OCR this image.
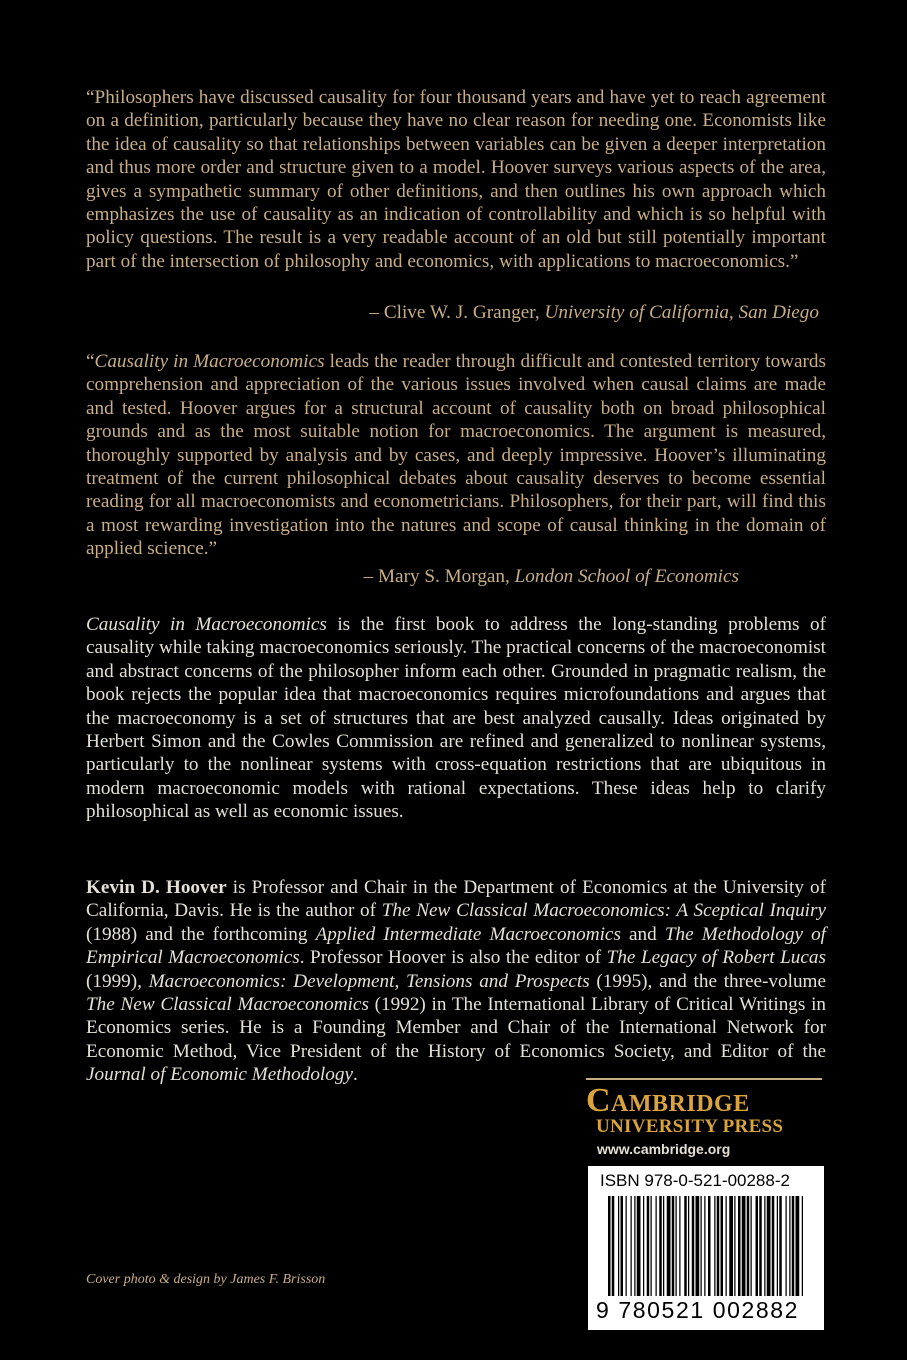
“Philosophers have discussed causality for four thousand years and have yet to reach agreement on a definition, particularly because they have no clear reason for needing one. Economists like the idea of causality so that relationships between variables can be given a deeper interpretation and thus more order and structure given to a model. Hoover surveys various aspects of the area, gives a sympathetic summary of other definitions, and then outlines his own approach which emphasizes the use of causality as an indication of controllability and which is so helpful with policy questions. The result is a very readable account of an old but still potentially important part of the intersection of philosophy and economics, with applications to macroeconomics.”

– Clive W. J. Granger, University of California, San Diego

“Causality in Macroeconomics leads the reader through difficult and contested territory towards comprehension and appreciation of the various issues involved when causal claims are made and tested. Hoover argues for a structural account of causality both on broad philosophical grounds and as the most suitable notion for macroeconomics. The argument is measured, thoroughly supported by analysis and by cases, and deeply impressive. Hoover’s illuminating treatment of the current philosophical debates about causality deserves to become essential reading for all macroeconomists and econometricians. Philosophers, for their part, will find this a most rewarding investigation into the natures and scope of causal thinking in the domain of applied science.”

– Mary S. Morgan, London School of Economics

Causality in Macroeconomics is the first book to address the long-standing problems of causality while taking macroeconomics seriously. The practical concerns of the macroeconomist and abstract concerns of the philosopher inform each other. Grounded in pragmatic realism, the book rejects the popular idea that macroeconomics requires microfoundations and argues that the macroeconomy is a set of structures that are best analyzed causally. Ideas originated by Herbert Simon and the Cowles Commission are refined and generalized to nonlinear systems, particularly to the nonlinear systems with cross-equation restrictions that are ubiquitous in modern macroeconomic models with rational expectations. These ideas help to clarify philosophical as well as economic issues.

Kevin D. Hoover is Professor and Chair in the Department of Economics at the University of California, Davis. He is the author of The New Classical Macroeconomics: A Sceptical Inquiry (1988) and the forthcoming Applied Intermediate Macroeconomics and The Methodology of Empirical Macroeconomics. Professor Hoover is also the editor of The Legacy of Robert Lucas (1999), Macroeconomics: Development, Tensions and Prospects (1995), and the three-volume The New Classical Macroeconomics (1992) in The International Library of Critical Writings in Economics series. He is a Founding Member and Chair of the International Network for Economic Method, Vice President of the History of Economics Society, and Editor of the Journal of Economic Methodology.

Cambridge
UNIVERSITY PRESS
www.cambridge.org
ISBN 978-0-521-00288-2
9 780521 002882
Cover photo & design by James F. Brisson
